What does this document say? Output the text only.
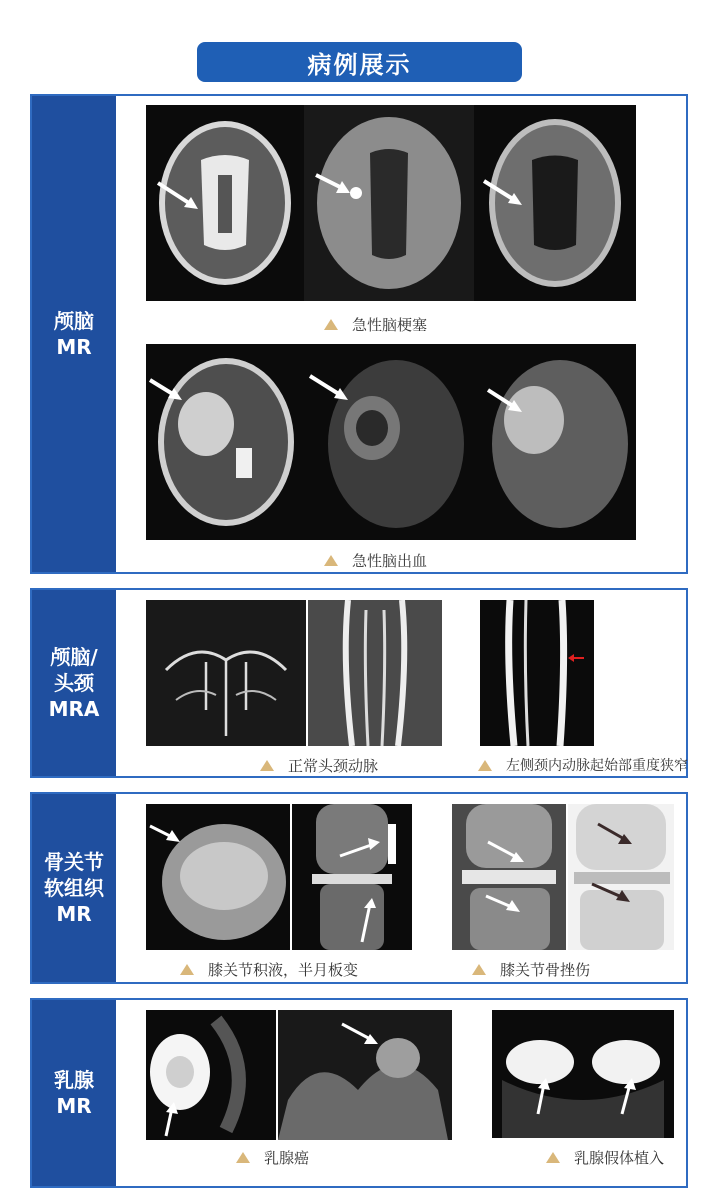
病例展示
颅脑
MR
急性脑梗塞
急性脑出血
颅脑/
头颈
MRA
正常头颈动脉	左侧颈内动脉起始部重度狭窄
骨关节
软组织
MR
膝关节积液，半月板变	膝关节骨挫伤
乳腺
MR
乳腺癌	乳腺假体植入
